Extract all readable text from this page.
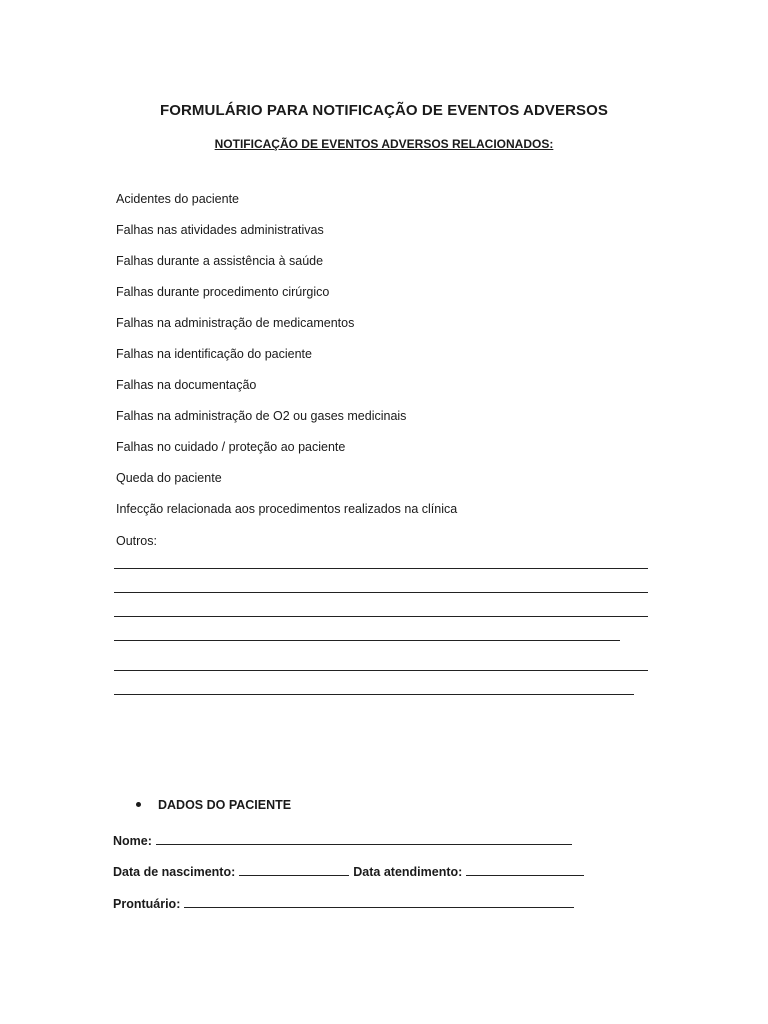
FORMULÁRIO PARA NOTIFICAÇÃO DE EVENTOS ADVERSOS
NOTIFICAÇÃO DE EVENTOS ADVERSOS RELACIONADOS:
Acidentes do paciente
Falhas nas atividades administrativas
Falhas durante a assistência à saúde
Falhas durante procedimento cirúrgico
Falhas na administração de medicamentos
Falhas na identificação do paciente
Falhas na documentação
Falhas na administração de O2 ou gases medicinais
Falhas no cuidado / proteção ao paciente
Queda do paciente
Infecção relacionada aos procedimentos realizados na clínica
Outros:
DADOS DO PACIENTE
Nome:
Data de nascimento:	Data atendimento:
Prontuário:
